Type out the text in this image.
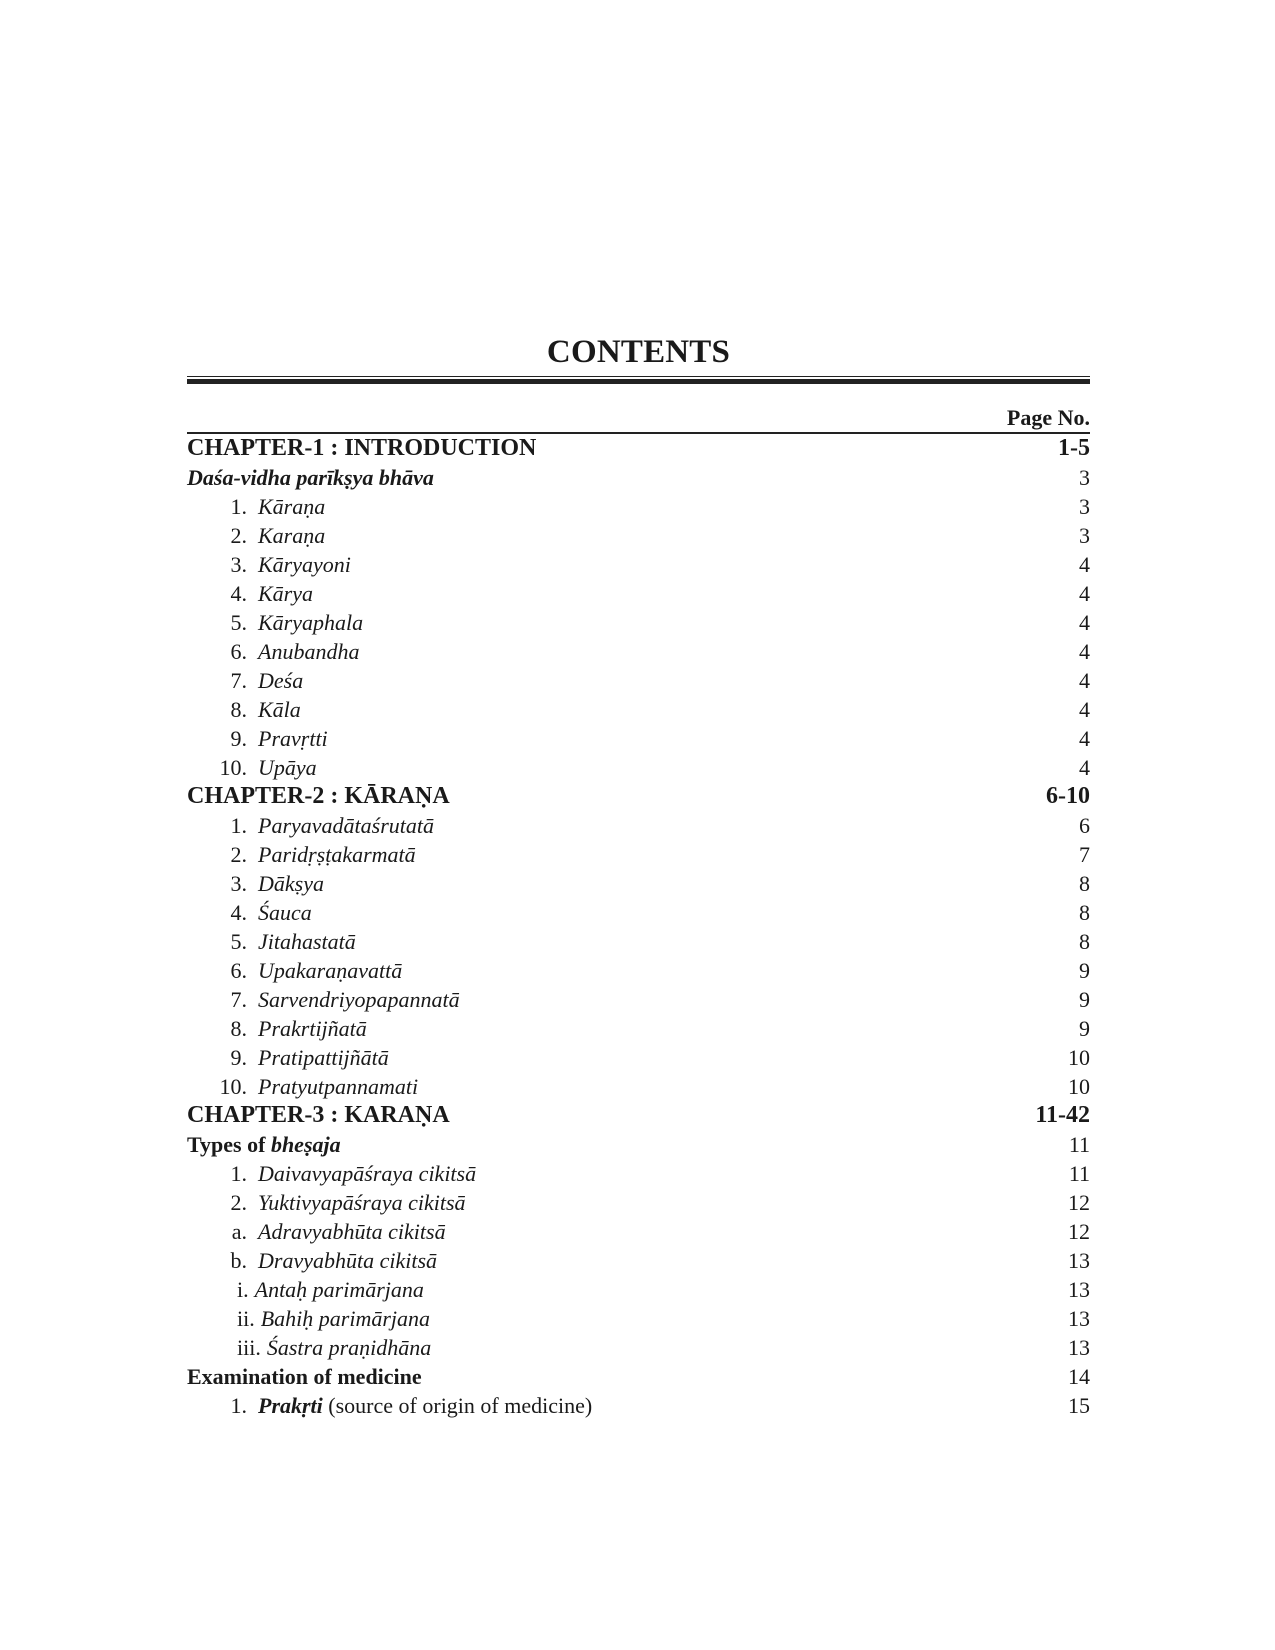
CONTENTS
Page No.
CHAPTER-1 : INTRODUCTION	1-5
Daśa-vidha parīkṣya bhāva	3
1. Kāraṇa	3
2. Karaṇa	3
3. Kāryayoni	4
4. Kārya	4
5. Kāryaphala	4
6. Anubandha	4
7. Deśa	4
8. Kāla	4
9. Pravṛtti	4
10. Upāya	4
CHAPTER-2 : KĀRAṆA	6-10
1. Paryavadātaśrutatā	6
2. Paridṛṣṭakarmatā	7
3. Dākṣya	8
4. Śauca	8
5. Jitahastatā	8
6. Upakaraṇavattā	9
7. Sarvendriyopapannatā	9
8. Prakrtijñatā	9
9. Pratipattijñātā	10
10. Pratyutpannamati	10
CHAPTER-3 : KARAṆA	11-42
Types of bheṣaja	11
1. Daivavyapāśraya cikitsā	11
2. Yuktivyapāśraya cikitsā	12
a. Adravyabhūta cikitsā	12
b. Dravyabhūta cikitsā	13
i. Antaḥ parimārjana	13
ii. Bahiḥ parimārjana	13
iii. Śastra praṇidhāna	13
Examination of medicine	14
1. Prakṛti (source of origin of medicine)	15
